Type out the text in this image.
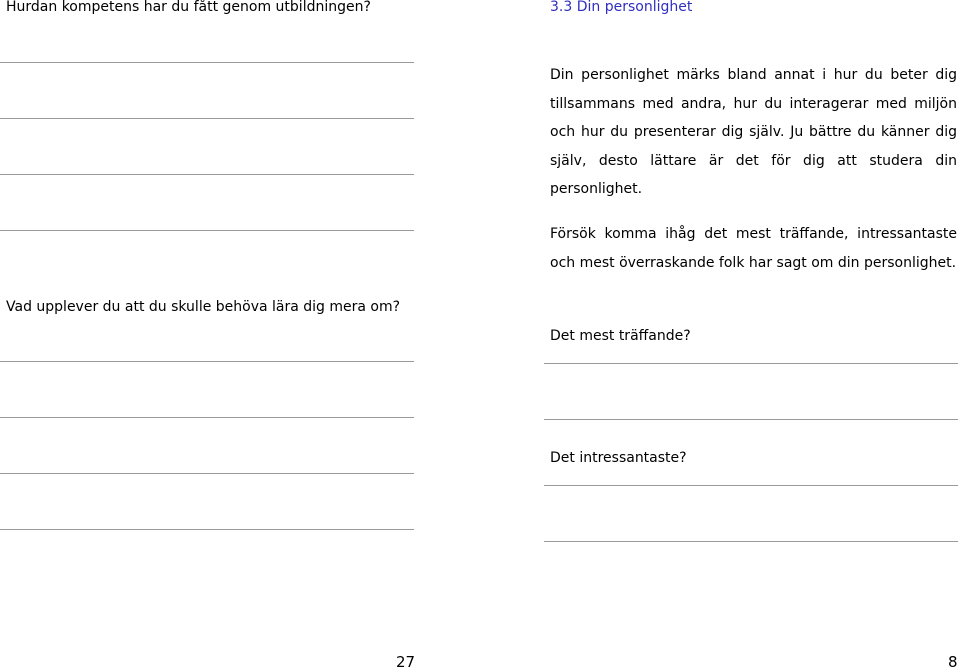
Hurdan kompetens har du fått genom utbildningen?
Vad upplever du att du skulle behöva lära dig mera om?
27
3.3 Din personlighet
Din personlighet märks bland annat i hur du beter dig tillsammans med andra, hur du interagerar med miljön och hur du presenterar dig själv. Ju bättre du känner dig själv, desto lättare är det för dig att studera din personlighet.
Försök komma ihåg det mest träffande, intressantaste och mest överraskande folk har sagt om din personlighet.
Det mest träffande?
Det intressantaste?
8
